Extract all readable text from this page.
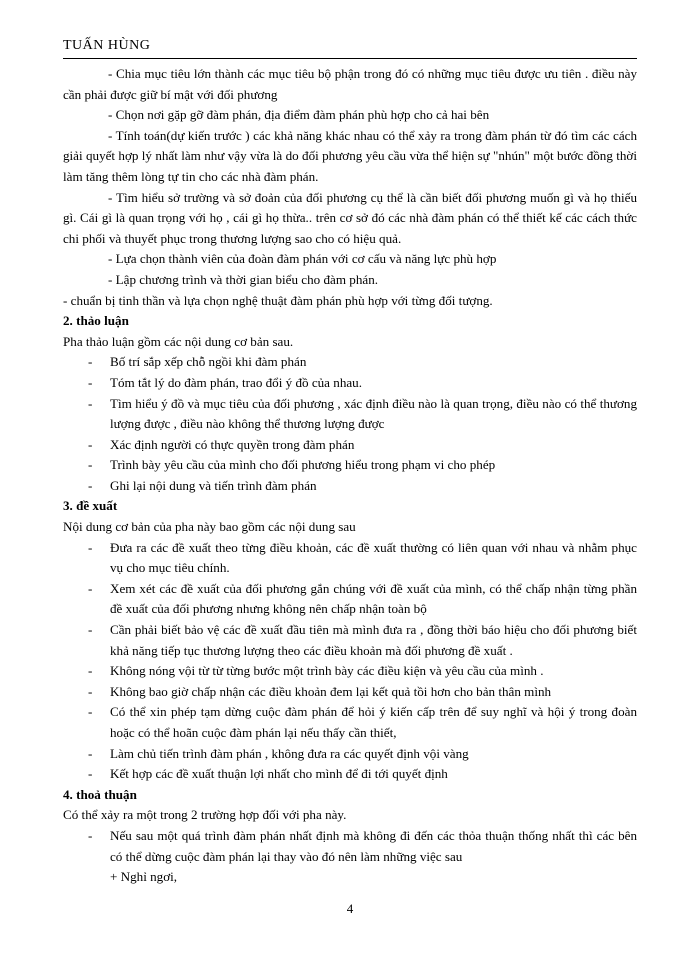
TUẤN HÙNG

- Chia mục tiêu lớn thành các mục tiêu bộ phận trong đó có những mục tiêu được ưu tiên . điều này cần phải được giữ bí mật với đối phương

- Chọn nơi gặp gỡ đàm phán, địa điểm đàm phán phù hợp cho cả hai bên

- Tính toán(dự kiến trước ) các khả năng khác nhau có thể xảy ra trong đàm phán từ đó tìm các cách giải quyết hợp lý nhất làm như vậy vừa là do đối phương yêu cầu vừa thể hiện sự "nhún" một bước đồng thời làm tăng thêm lòng tự tin cho các nhà đàm phán.

- Tìm hiểu sở trường và sở đoản của đối phương cụ thể là cần biết đối phương muốn gì và họ thiếu gì. Cái gì là quan trọng với họ , cái gì họ thừa.. trên cơ sở đó các nhà đàm phán có thể thiết kế các cách thức chi phối và thuyết phục trong thương lượng sao cho có hiệu quả.

- Lựa chọn thành viên của đoàn đàm phán với cơ cấu và năng lực phù hợp

- Lập chương trình và thời gian biểu cho đàm phán.

- chuẩn bị tinh thần và lựa chọn nghệ thuật đàm phán phù hợp với từng đối tượng.

2. thảo luận

Pha thảo luận gồm các nội dung cơ bản sau.

- Bố trí sắp xếp chỗ ngồi khi đàm phán
- Tóm tắt lý do đàm phán, trao đổi ý đồ của nhau.
- Tìm hiểu ý đồ và mục tiêu của đối phương , xác định điều nào là quan trọng, điều nào có thể thương lượng được , điều nào không thể thương lượng được
- Xác định người có thực quyền trong đàm phán
- Trình bày yêu cầu của mình cho đối phương hiểu trong phạm vi cho phép
- Ghi lại nội dung và tiến trình đàm phán

3. đề xuất

Nội dung cơ bản của pha này bao gồm các nội dung sau

- Đưa ra các đề xuất theo từng điều khoản, các đề xuất thường có liên quan với nhau và nhằm phục vụ cho mục tiêu chính.
- Xem xét các đề xuất của đối phương gắn chúng với đề xuất của mình, có thể chấp nhận từng phần đề xuất của đối phương nhưng không nên chấp nhận toàn bộ
- Cần phải biết bảo vệ các đề xuất đầu tiên mà mình đưa ra , đồng thời báo hiệu cho đối phương biết khả năng tiếp tục thương lượng theo các điều khoản mà đối phương đề xuất .
- Không nóng vội từ từ từng bước một trình bày các điều kiện và yêu cầu của mình .
- Không bao giờ chấp nhận các điều khoản đem lại kết quả tồi hơn cho bản thân mình
- Có thể xin phép tạm dừng cuộc đàm phán để hỏi ý kiến cấp trên để suy nghĩ và hội ý trong đoàn hoặc có thể hoãn cuộc đàm phán lại nếu thấy cần thiết,
- Làm chủ tiến trình đàm phán , không đưa ra các quyết định vội vàng
- Kết hợp các đề xuất thuận lợi nhất cho mình để đi tới quyết định

4. thoả thuận

Có thể xảy ra một trong 2 trường hợp đối với pha này.

- Nếu sau một quá trình đàm phán nhất định mà không đi đến các thỏa thuận thống nhất thì các bên có thể dừng cuộc đàm phán lại thay vào đó nên làm những việc sau
+ Nghỉ ngơi,
4
